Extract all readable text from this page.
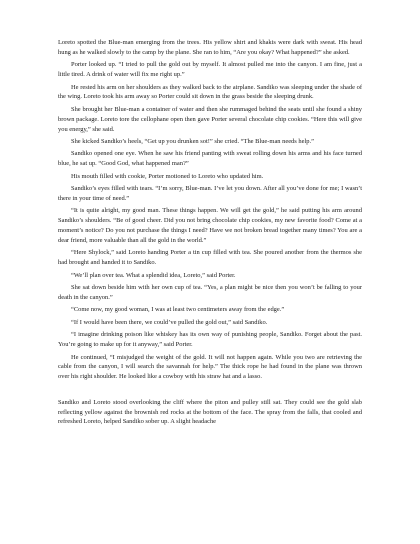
Loreto spotted the Blue-man emerging from the trees. His yellow shirt and khakis were dark with sweat. His head hung as he walked slowly to the camp by the plane. She ran to him, “Are you okay? What happened?” she asked.

Porter looked up. “I tried to pull the gold out by myself. It almost pulled me into the canyon. I am fine, just a little tired. A drink of water will fix me right up.”

He rested his arm on her shoulders as they walked back to the airplane. Sandiko was sleeping under the shade of the wing. Loreto took his arm away so Porter could sit down in the grass beside the sleeping drunk.

She brought her Blue-man a container of water and then she rummaged behind the seats until she found a shiny brown package. Loreto tore the cellophane open then gave Porter several chocolate chip cookies. “Here this will give you energy,” she said.

She kicked Sandiko’s heels, “Get up you drunken sot!” she cried. “The Blue-man needs help.”

Sandiko opened one eye. When he saw his friend panting with sweat rolling down his arms and his face turned blue, he sat up. “Good God, what happened man?”

His mouth filled with cookie, Porter motioned to Loreto who updated him.

Sandiko’s eyes filled with tears. “I’m sorry, Blue-man. I’ve let you down. After all you’ve done for me; I wasn’t there in your time of need.”

“It is quite alright, my good man. These things happen. We will get the gold,” he said putting his arm around Sandiko’s shoulders. “Be of good cheer. Did you not bring chocolate chip cookies, my new favorite food? Come at a moment’s notice? Do you not purchase the things I need? Have we not broken bread together many times? You are a dear friend, more valuable than all the gold in the world.”

“Here Shylock,” said Loreto handing Porter a tin cup filled with tea. She poured another from the thermos she had brought and handed it to Sandiko.

“We’ll plan over tea. What a splendid idea, Loreto,” said Porter.

She sat down beside him with her own cup of tea. “Yes, a plan might be nice then you won’t be falling to your death in the canyon.”

“Come now, my good woman, I was at least two centimeters away from the edge.”

“If I would have been there, we could’ve pulled the gold out,” said Sandiko.

“I imagine drinking poison like whiskey has its own way of punishing people, Sandiko. Forget about the past. You’re going to make up for it anyway,” said Porter.

He continued, “I misjudged the weight of the gold. It will not happen again. While you two are retrieving the cable from the canyon, I will search the savannah for help.” The thick rope he had found in the plane was thrown over his right shoulder. He looked like a cowboy with his straw hat and a lasso.

Sandiko and Loreto stood overlooking the cliff where the piton and pulley still sat. They could see the gold slab reflecting yellow against the brownish red rocks at the bottom of the face. The spray from the falls, that cooled and refreshed Loreto, helped Sandiko sober up. A slight headache
